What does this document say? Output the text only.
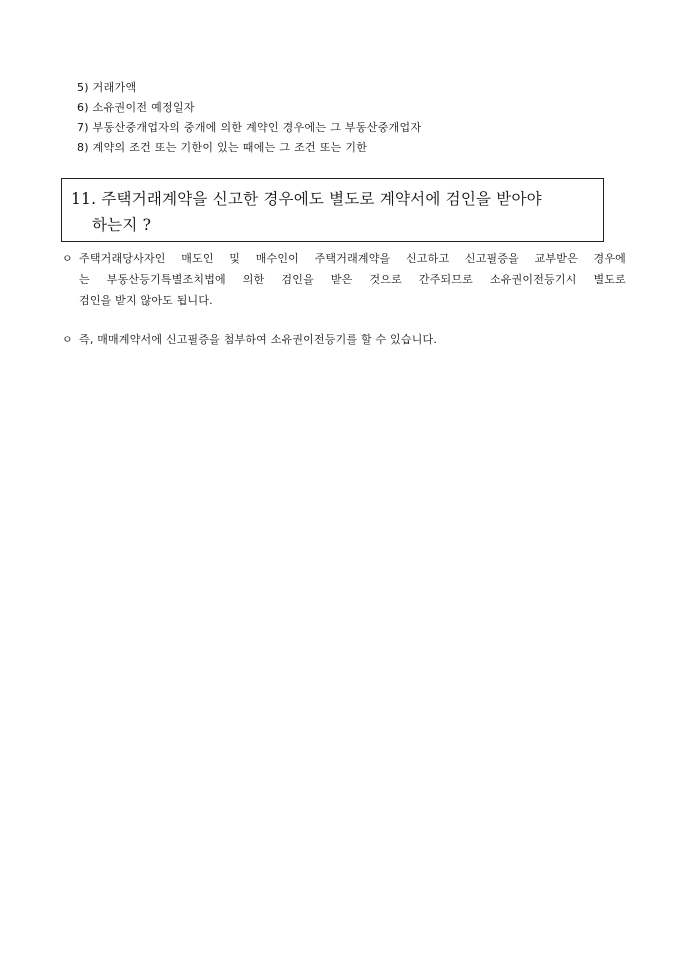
5) 거래가액
6) 소유권이전 예정일자
7) 부동산중개업자의 중개에 의한 계약인 경우에는 그 부동산중개업자
8) 계약의 조건 또는 기한이 있는 때에는 그 조건 또는 기한
11. 주택거래계약을 신고한 경우에도 별도로 계약서에 검인을 받아야
하는지 ?
ㅇ 주택거래당사자인 매도인 및 매수인이 주택거래계약을 신고하고 신고필증을 교부받은 경우에
는 부동산등기특별조치법에 의한 검인을 받은 것으로 간주되므로 소유권이전등기시 별도로
검인을 받지 않아도 됩니다.
ㅇ 즉, 매매계약서에 신고필증을 첨부하여 소유권이전등기를 할 수 있습니다.
